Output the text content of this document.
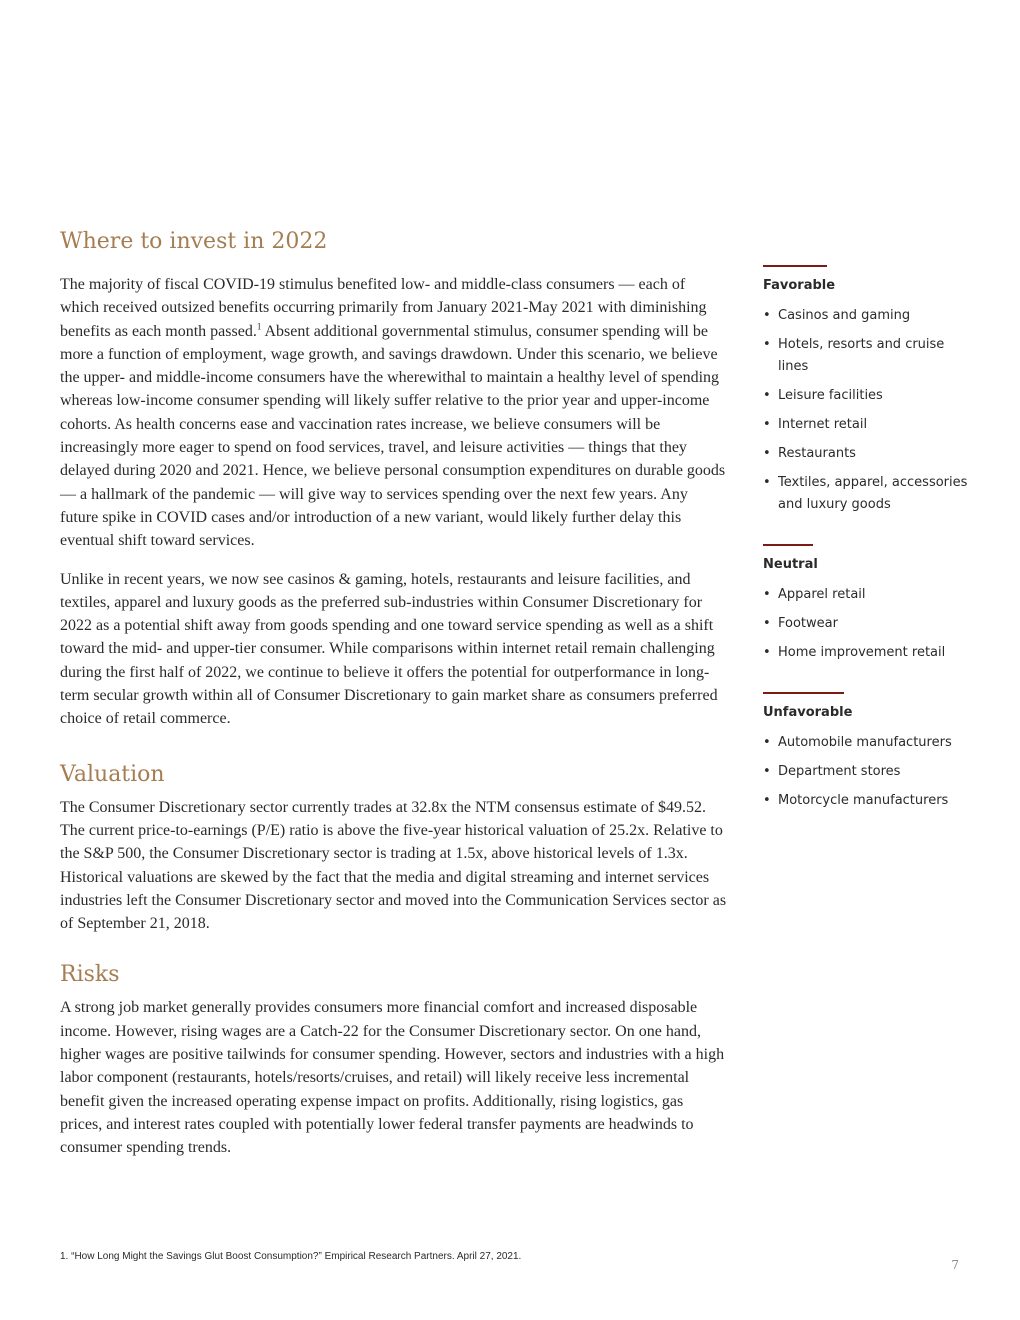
Where to invest in 2022

The majority of fiscal COVID-19 stimulus benefited low- and middle-class consumers — each of which received outsized benefits occurring primarily from January 2021-May 2021 with diminishing benefits as each month passed.$^1$ Absent additional governmental stimulus, consumer spending will be more a function of employment, wage growth, and savings drawdown. Under this scenario, we believe the upper- and middle-income consumers have the wherewithal to maintain a healthy level of spending whereas low-income consumer spending will likely suffer relative to the prior year and upper-income cohorts. As health concerns ease and vaccination rates increase, we believe consumers will be increasingly more eager to spend on food services, travel, and leisure activities — things that they delayed during 2020 and 2021. Hence, we believe personal consumption expenditures on durable goods — a hallmark of the pandemic — will give way to services spending over the next few years. Any future spike in COVID cases and/or introduction of a new variant, would likely further delay this eventual shift toward services.

Unlike in recent years, we now see casinos & gaming, hotels, restaurants and leisure facilities, and textiles, apparel and luxury goods as the preferred sub-industries within Consumer Discretionary for 2022 as a potential shift away from goods spending and one toward service spending as well as a shift toward the mid- and upper-tier consumer. While comparisons within internet retail remain challenging during the first half of 2022, we continue to believe it offers the potential for outperformance in long-term secular growth within all of Consumer Discretionary to gain market share as consumers preferred choice of retail commerce.

Valuation

The Consumer Discretionary sector currently trades at 32.8x the NTM consensus estimate of $49.52. The current price-to-earnings (P/E) ratio is above the five-year historical valuation of 25.2x. Relative to the S&P 500, the Consumer Discretionary sector is trading at 1.5x, above historical levels of 1.3x. Historical valuations are skewed by the fact that the media and digital streaming and internet services industries left the Consumer Discretionary sector and moved into the Communication Services sector as of September 21, 2018.

Risks

A strong job market generally provides consumers more financial comfort and increased disposable income. However, rising wages are a Catch-22 for the Consumer Discretionary sector. On one hand, higher wages are positive tailwinds for consumer spending. However, sectors and industries with a high labor component (restaurants, hotels/resorts/cruises, and retail) will likely receive less incremental benefit given the increased operating expense impact on profits. Additionally, rising logistics, gas prices, and interest rates coupled with potentially lower federal transfer payments are headwinds to consumer spending trends.

Favorable
• Casinos and gaming
• Hotels, resorts and cruise lines
• Leisure facilities
• Internet retail
• Restaurants
• Textiles, apparel, accessories and luxury goods
Neutral
• Apparel retail
• Footwear
• Home improvement retail
Unfavorable
• Automobile manufacturers
• Department stores
• Motorcycle manufacturers
1. “How Long Might the Savings Glut Boost Consumption?” Empirical Research Partners. April 27, 2021.
7
